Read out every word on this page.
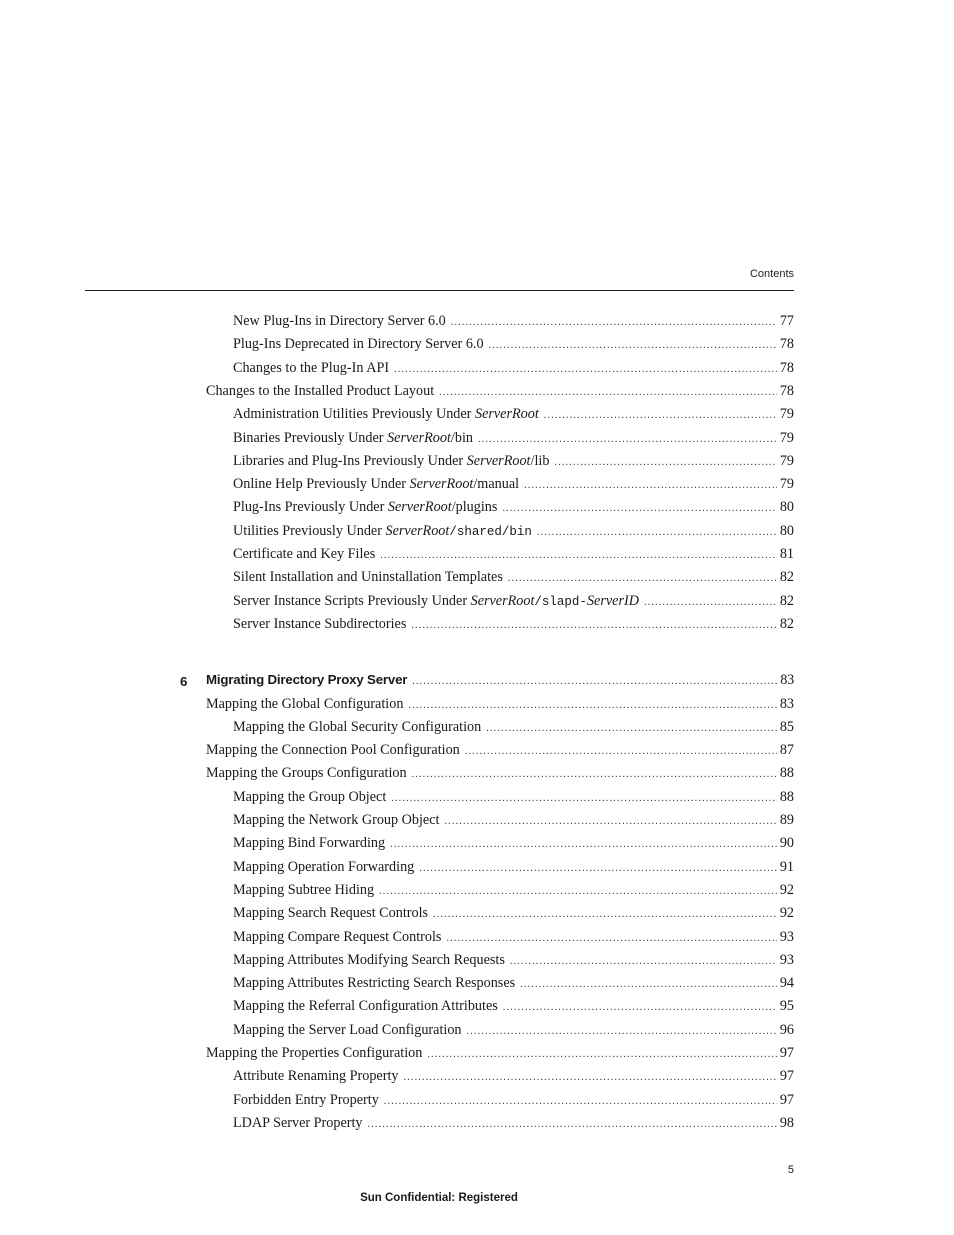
Contents
New Plug-Ins in Directory Server 6.0 .....	77
Plug-Ins Deprecated in Directory Server 6.0 .....	78
Changes to the Plug-In API .....	78
Changes to the Installed Product Layout .....	78
Administration Utilities Previously Under ServerRoot .....	79
Binaries Previously Under ServerRoot/bin .....	79
Libraries and Plug-Ins Previously Under ServerRoot/lib .....	79
Online Help Previously Under ServerRoot/manual .....	79
Plug-Ins Previously Under ServerRoot/plugins .....	80
Utilities Previously Under ServerRoot/shared/bin .....	80
Certificate and Key Files .....	81
Silent Installation and Uninstallation Templates .....	82
Server Instance Scripts Previously Under ServerRoot/slapd-ServerID .....	82
Server Instance Subdirectories .....	82
6 Migrating Directory Proxy Server .....	83
Mapping the Global Configuration .....	83
Mapping the Global Security Configuration .....	85
Mapping the Connection Pool Configuration .....	87
Mapping the Groups Configuration .....	88
Mapping the Group Object .....	88
Mapping the Network Group Object .....	89
Mapping Bind Forwarding .....	90
Mapping Operation Forwarding .....	91
Mapping Subtree Hiding .....	92
Mapping Search Request Controls .....	92
Mapping Compare Request Controls .....	93
Mapping Attributes Modifying Search Requests .....	93
Mapping Attributes Restricting Search Responses .....	94
Mapping the Referral Configuration Attributes .....	95
Mapping the Server Load Configuration .....	96
Mapping the Properties Configuration .....	97
Attribute Renaming Property .....	97
Forbidden Entry Property .....	97
LDAP Server Property .....	98
5
Sun Confidential: Registered
